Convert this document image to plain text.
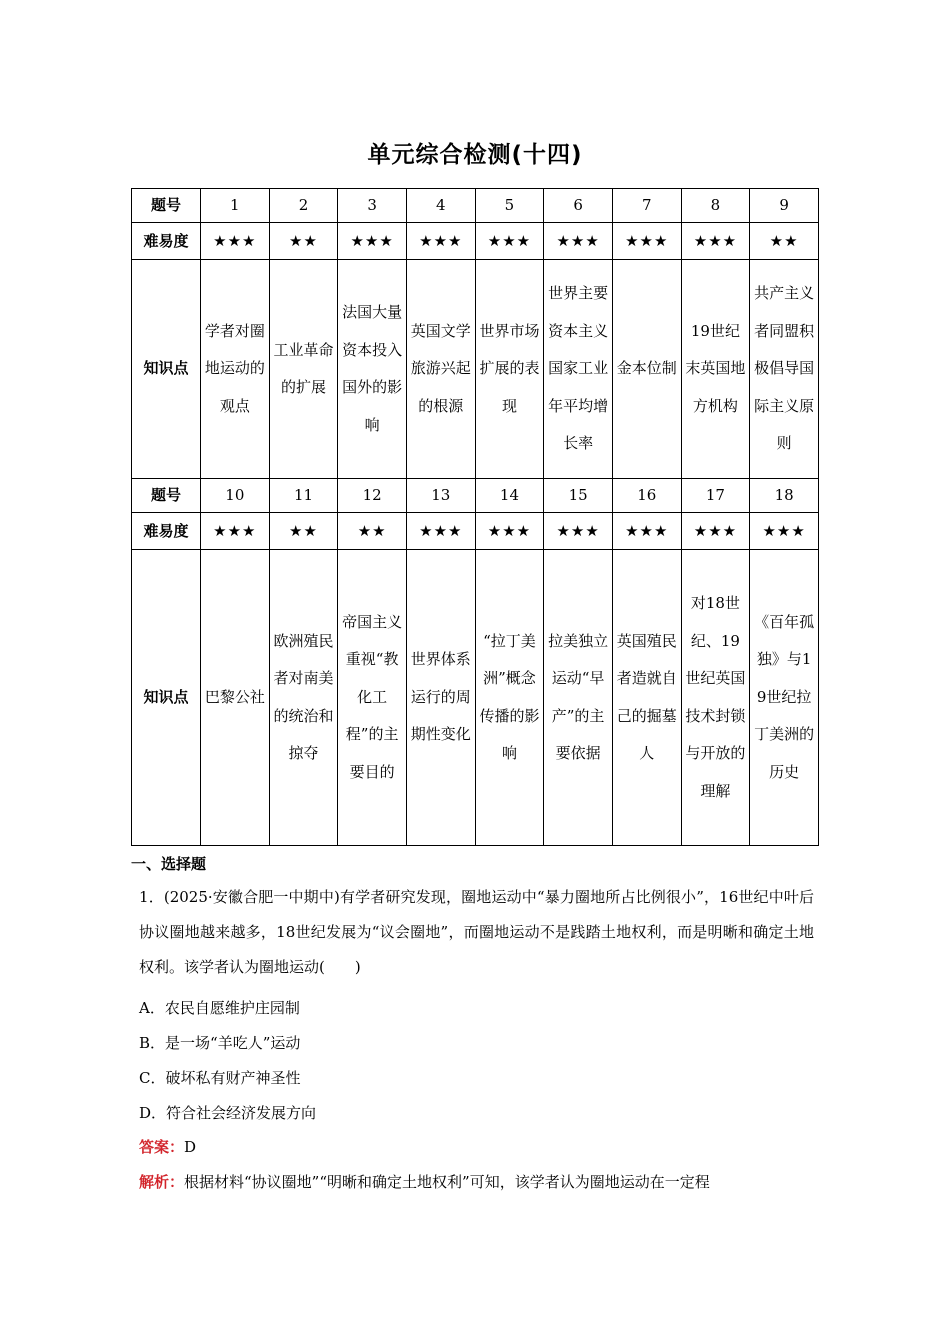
单元综合检测(十四)
题号	1	2	3	4	5	6	7	8	9
难易度	★★★	★★	★★★	★★★	★★★	★★★	★★★	★★★	★★
知识点	学者对圈地运动的观点	工业革命的扩展	法国大量资本投入国外的影响	英国文学旅游兴起的根源	世界市场扩展的表现	世界主要资本主义国家工业年平均增长率	金本位制	19世纪末英国地方机构	共产主义者同盟积极倡导国际主义原则

题号	10	11	12	13	14	15	16	17	18
难易度	★★★	★★	★★	★★★	★★★	★★★	★★★	★★★	★★★
知识点	巴黎公社	欧洲殖民者对南美的统治和掠夺	帝国主义重视“教化工程”的主要目的	世界体系运行的周期性变化	“拉丁美洲”概念传播的影响	拉美独立运动“早产”的主要依据	英国殖民者造就自己的掘墓人	对18世纪、19世纪英国技术封锁与开放的理解	《百年孤独》与19世纪拉丁美洲的历史
一、选择题
1．(2025·安徽合肥一中期中)有学者研究发现，圈地运动中“暴力圈地所占比例很小”，16世纪中叶后协议圈地越来越多，18世纪发展为“议会圈地”，而圈地运动不是践踏土地权利，而是明晰和确定土地权利。该学者认为圈地运动(　　)
A．农民自愿维护庄园制
B．是一场“羊吃人”运动
C．破坏私有财产神圣性
D．符合社会经济发展方向
答案：D
解析：根据材料“协议圈地”“明晰和确定土地权利”可知，该学者认为圈地运动在一定程
